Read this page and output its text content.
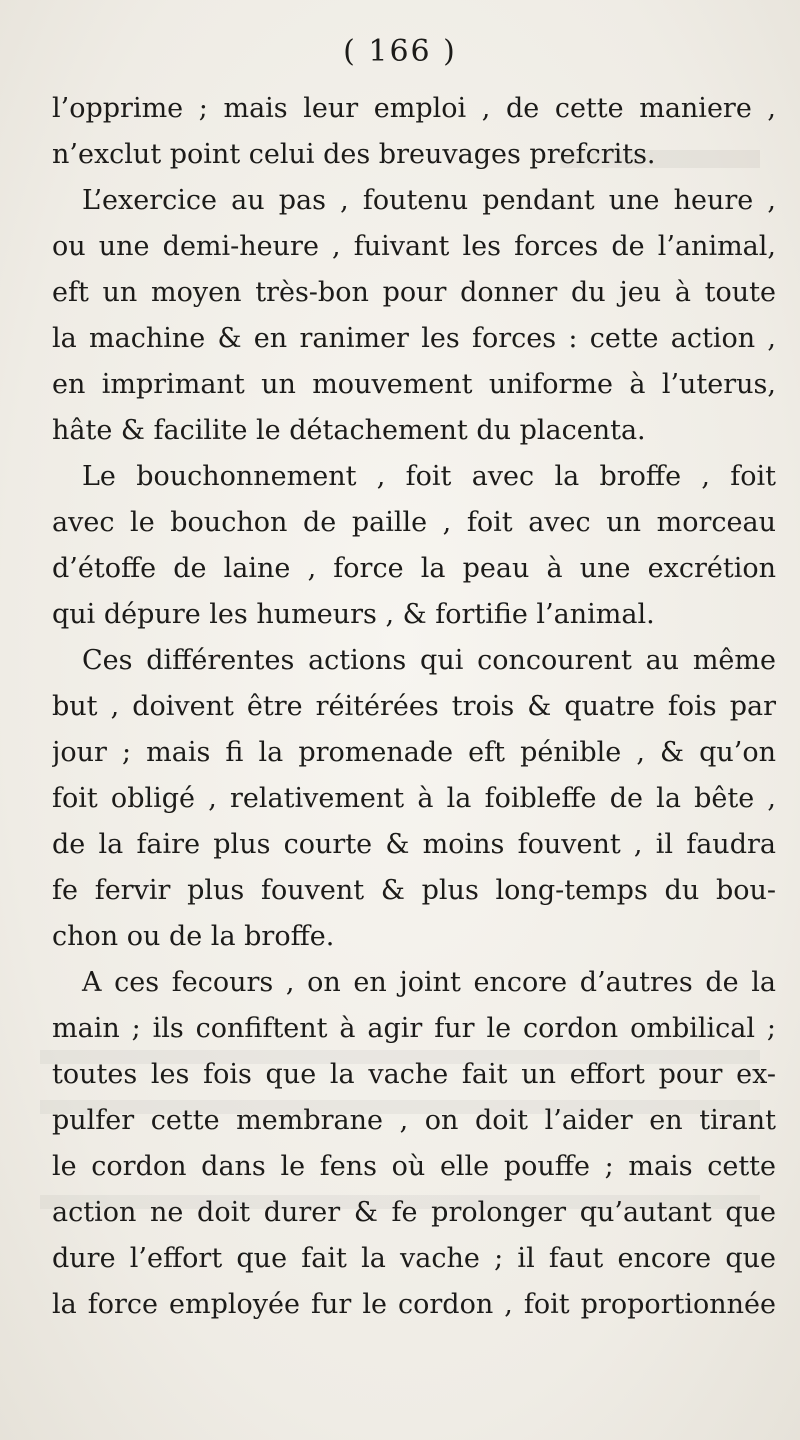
( 166 )
l’opprime ; mais leur emploi , de cette maniere ,
n’exclut point celui des breuvages prefcrits.
L’exercice au pas , foutenu pendant une heure ,
ou une demi-heure , fuivant les forces de l’animal,
eft un moyen très-bon pour donner du jeu à toute
la machine & en ranimer les forces : cette action ,
en imprimant un mouvement uniforme à l’uterus,
hâte & facilite le détachement du placenta.
Le bouchonnement , foit avec la broffe , foit
avec le bouchon de paille , foit avec un morceau
d’étoffe de laine , force la peau à une excrétion
qui dépure les humeurs , & fortifie l’animal.
Ces différentes actions qui concourent au même
but , doivent être réitérées trois & quatre fois par
jour ; mais fi la promenade eft pénible , & qu’on
foit obligé , relativement à la foibleffe de la bête ,
de la faire plus courte & moins fouvent , il faudra
fe fervir plus fouvent & plus long-temps du bou-
chon ou de la broffe.
A ces fecours , on en joint encore d’autres de la
main ; ils confiftent à agir fur le cordon ombilical ;
toutes les fois que la vache fait un effort pour ex-
pulfer cette membrane , on doit l’aider en tirant
le cordon dans le fens où elle pouffe ; mais cette
action ne doit durer & fe prolonger qu’autant que
dure l’effort que fait la vache ; il faut encore que
la force employée fur le cordon , foit proportionnée
